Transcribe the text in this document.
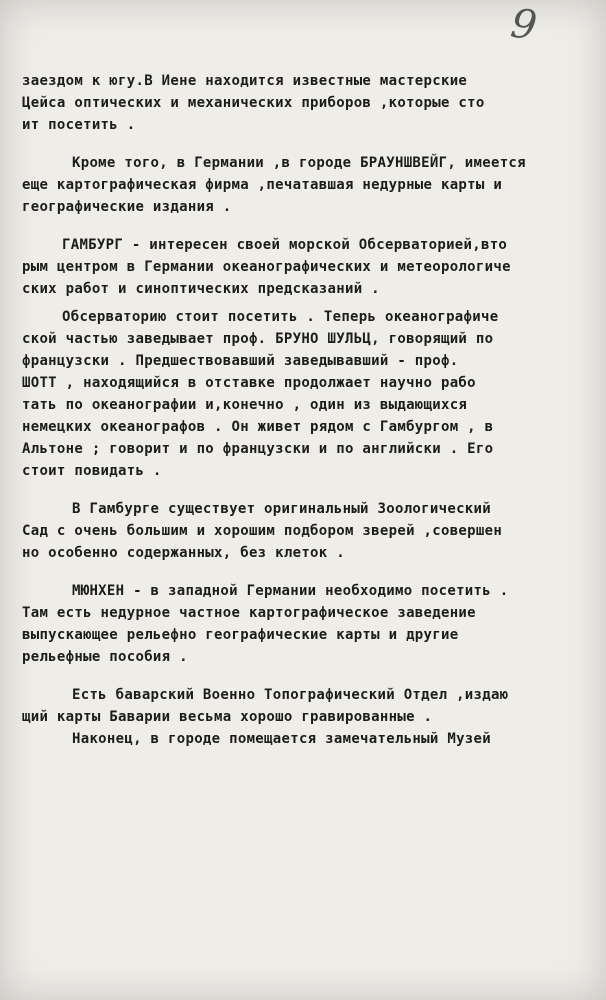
9
заездом к югу.В Иене находится известные мастерские
Цейса оптических и механических приборов ,которые сто
ит посетить .
Кроме того, в Германии ,в городе БРАУНШВЕЙГ, имеется
еще картографическая фирма ,печатавшая недурные карты и
географические издания .
ГАМБУРГ - интересен своей морской Обсерваторией,вто
рым центром в Германии океанографических и метеорологиче
ских работ и синоптических предсказаний .
Обсерваторию стоит посетить . Теперь океанографиче
ской частью заведывает проф. БРУНО ШУЛЬЦ, говорящий по
французски . Предшествовавший заведывавший - проф.
ШОТТ , находящийся в отставке продолжает научно рабо
тать по океанографии и,конечно , один из выдающихся
немецких океанографов . Он живет рядом с Гамбургом , в
Альтоне ; говорит и по французски и по английски . Его
стоит повидать .
В Гамбурге существует оригинальный Зоологический
Сад с очень большим и хорошим подбором зверей ,совершен
но особенно содержанных, без клеток .
МЮНХЕН - в западной Германии необходимо посетить .
Там есть недурное частное картографическое заведение
выпускающее рельефно географические карты и другие
рельефные пособия .
Есть баварский Военно Топографический Отдел ,издаю
щий карты Баварии весьма хорошо гравированные .
Наконец, в городе помещается замечательный Музей
